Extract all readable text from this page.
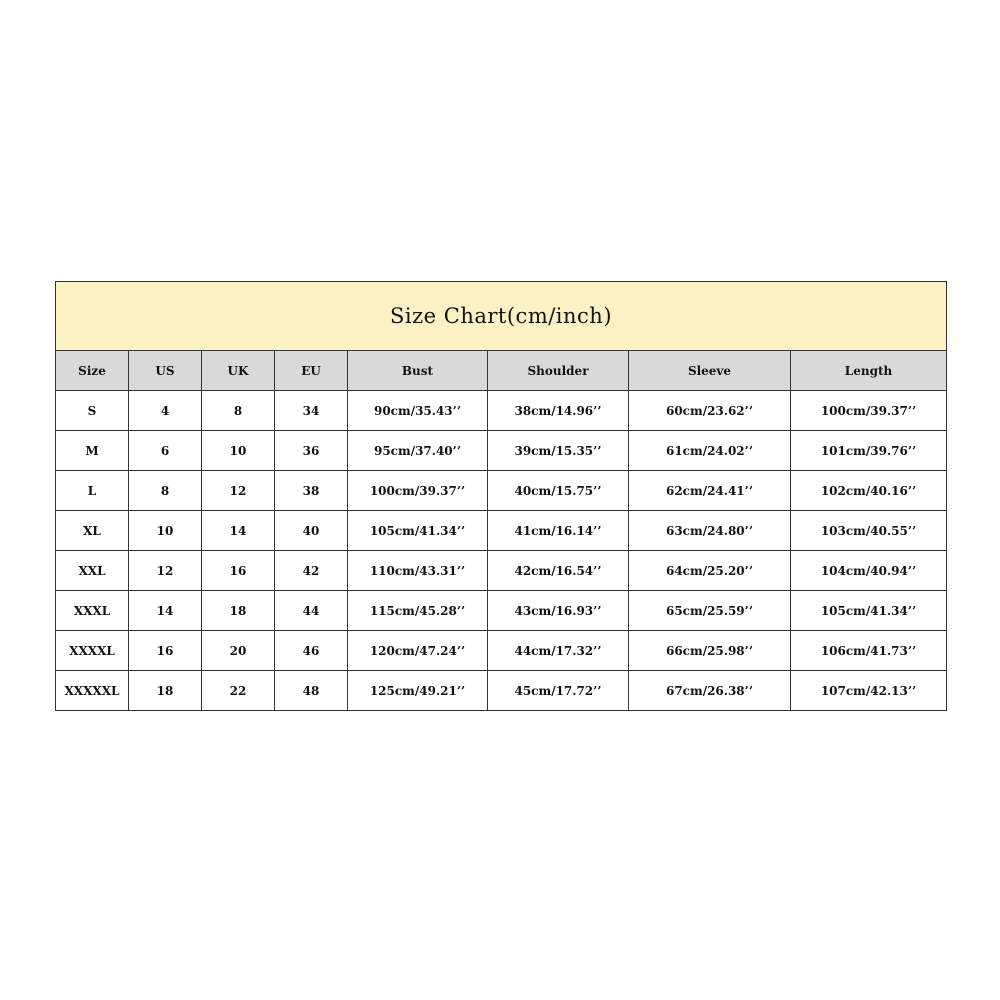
Size Chart(cm/inch)							
Size	US	UK	EU	Bust	Shoulder	Sleeve	Length
S	4	8	34	90cm/35.43’’	38cm/14.96’’	60cm/23.62’’	100cm/39.37’’
M	6	10	36	95cm/37.40’’	39cm/15.35’’	61cm/24.02’’	101cm/39.76’’
L	8	12	38	100cm/39.37’’	40cm/15.75’’	62cm/24.41’’	102cm/40.16’’
XL	10	14	40	105cm/41.34’’	41cm/16.14’’	63cm/24.80’’	103cm/40.55’’
XXL	12	16	42	110cm/43.31’’	42cm/16.54’’	64cm/25.20’’	104cm/40.94’’
XXXL	14	18	44	115cm/45.28’’	43cm/16.93’’	65cm/25.59’’	105cm/41.34’’
XXXXL	16	20	46	120cm/47.24’’	44cm/17.32’’	66cm/25.98’’	106cm/41.73’’
XXXXXL	18	22	48	125cm/49.21’’	45cm/17.72’’	67cm/26.38’’	107cm/42.13’’
